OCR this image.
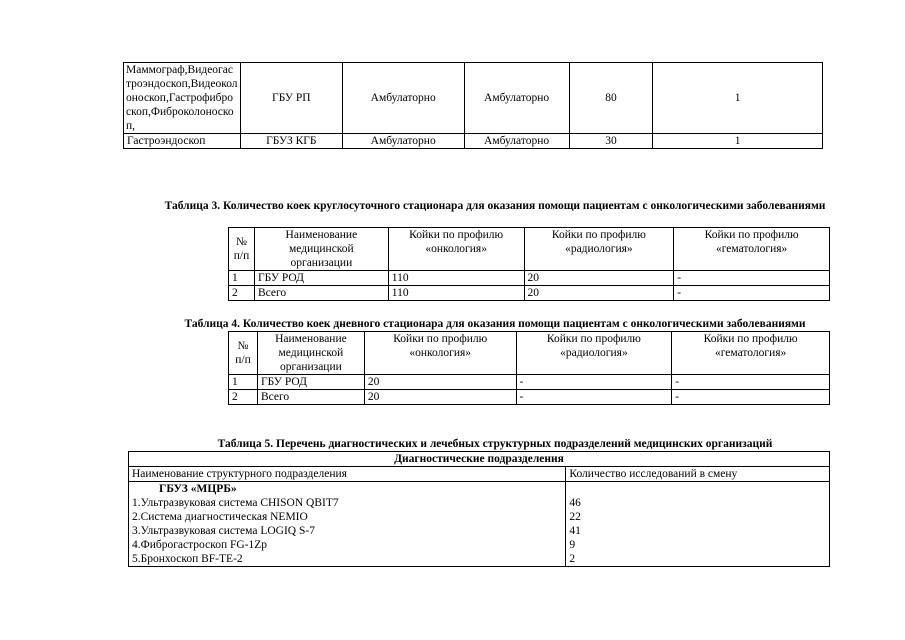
Маммограф,Видеогастроэндоскоп,Видеоколоноскоп,Гастрофиброскоп,Фиброколоноскоп,	ГБУ РП	Амбулаторно	Амбулаторно	80	1
Гастроэндоскоп	ГБУЗ КГБ	Амбулаторно	Амбулаторно	30	1
Таблица 3. Количество коек круглосуточного стационара для оказания помощи пациентам с онкологическими заболеваниями
№ п/п	Наименование медицинской организации	Койки по профилю «онкология»	Койки по профилю «радиология»	Койки по профилю «гематология»
1	ГБУ РОД	110	20	-
2	Всего	110	20	-
Таблица 4. Количество коек дневного стационара для оказания помощи пациентам с онкологическими заболеваниями
№ п/п	Наименование медицинской организации	Койки по профилю «онкология»	Койки по профилю «радиология»	Койки по профилю «гематология»
1	ГБУ РОД	20	-	-
2	Всего	20	-	-
Таблица 5. Перечень диагностических и лечебных структурных подразделений медицинских организаций
Диагностические подразделения	
Наименование структурного подразделения	Количество исследований в смену
ГБУЗ «МЦРБ»	
1.Ультразвуковая система CHISON QBIT7	46
2.Система диагностическая NEMIO	22
3.Ультразвуковая система LOGIQ S-7	41
4.Фиброгастроскоп FG-1Zp	9
5.Бронхоскоп BF-TE-2	2
